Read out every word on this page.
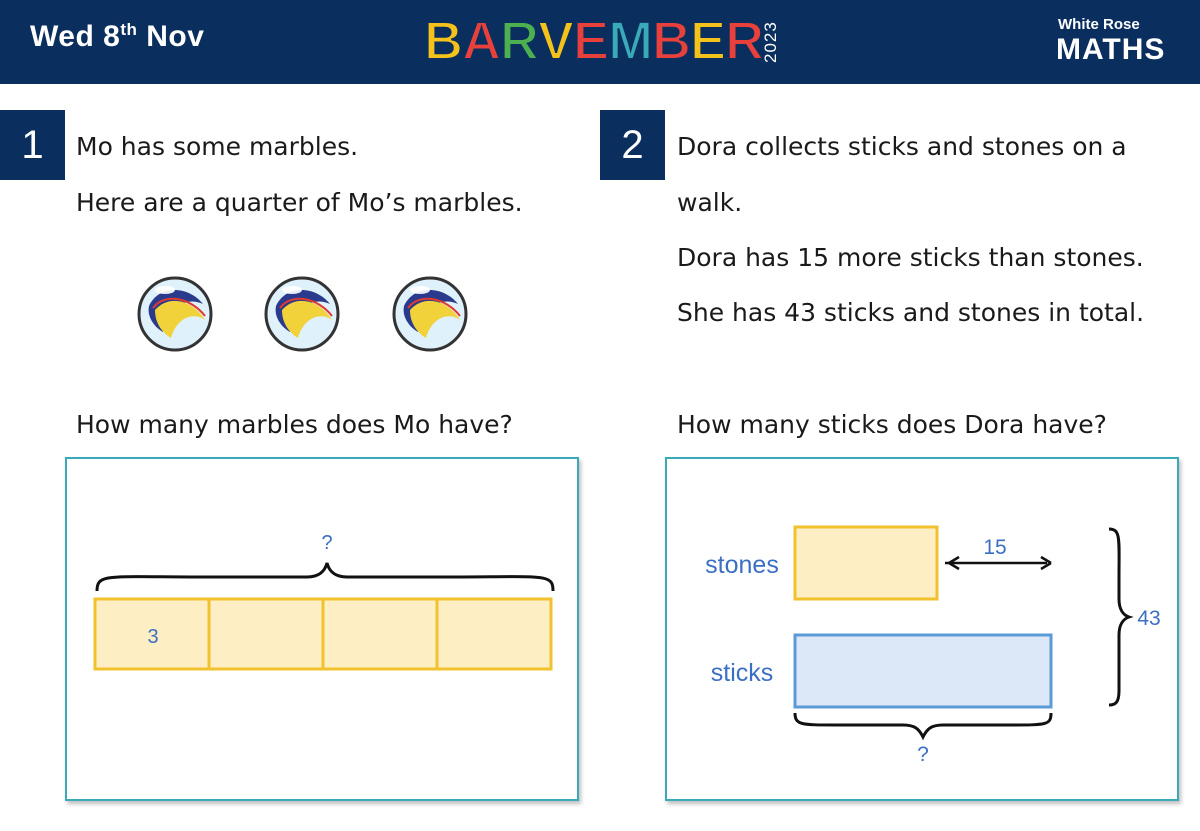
Wed 8th Nov	B A R V E M B E R
2023	White Rose
MATHS
1	Mo has some marbles.
Here are a quarter of Mo’s marbles.
How many marbles does Mo have?
?
3
2	Dora collects sticks and stones on a
walk.
Dora has 15 more sticks than stones.
She has 43 sticks and stones in total.
How many sticks does Dora have?
stones
15
sticks
43
?
